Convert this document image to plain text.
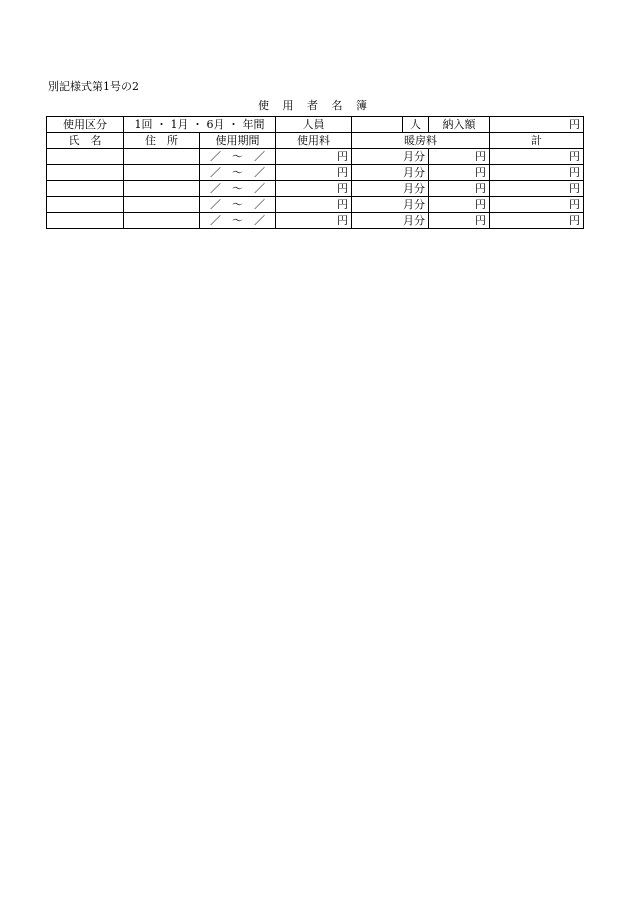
別記様式第1号の2
使 用 者 名 簿
使用区分	1回 ・ 1月 ・ 6月 ・ 年間		人員		人	納入額	円
氏　名	住　所	使用期間	使用料	暖房料			計
		／　～　／	円	月分		円	円
		／　～　／	円	月分		円	円
		／　～　／	円	月分		円	円
		／　～　／	円	月分		円	円
		／　～　／	円	月分		円	円
